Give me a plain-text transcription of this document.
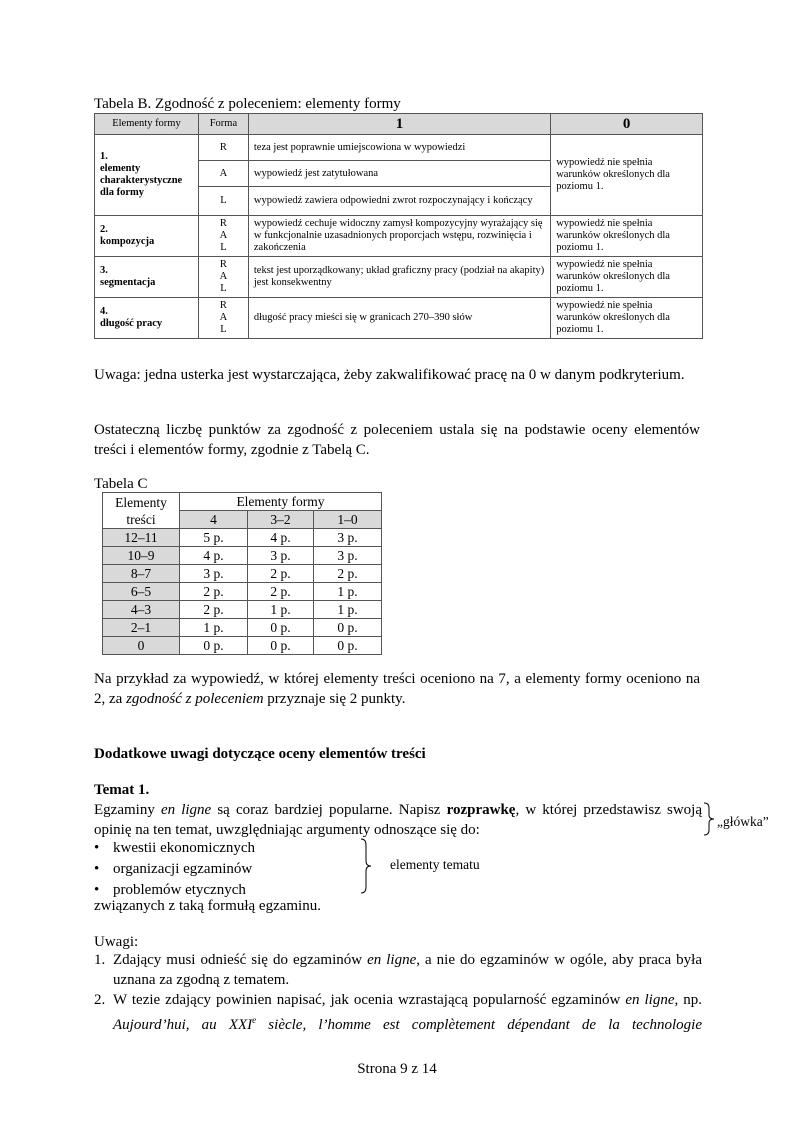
Tabela B. Zgodność z poleceniem: elementy formy
Elementy formy	Forma	1	0
1.
elementy
charakterystyczne
dla formy	R	teza jest poprawnie umiejscowiona w wypowiedzi	wypowiedź nie spełnia warunków określonych dla poziomu 1.
	A	wypowiedź jest zatytułowana	
	L	wypowiedź zawiera odpowiedni zwrot rozpoczynający i kończący	
2.
kompozycja	R
A
L	wypowiedź cechuje widoczny zamysł kompozycyjny wyrażający się w funkcjonalnie uzasadnionych proporcjach wstępu, rozwinięcia i zakończenia	wypowiedź nie spełnia warunków określonych dla poziomu 1.
3.
segmentacja	R
A
L	tekst jest uporządkowany; układ graficzny pracy (podział na akapity) jest konsekwentny	wypowiedź nie spełnia warunków określonych dla poziomu 1.
4.
długość pracy	R
A
L	długość pracy mieści się w granicach 270–390 słów	wypowiedź nie spełnia warunków określonych dla poziomu 1.
Uwaga: jedna usterka jest wystarczająca, żeby zakwalifikować pracę na 0 w danym podkryterium.
Ostateczną liczbę punktów za zgodność z poleceniem ustala się na podstawie oceny elementów treści i elementów formy, zgodnie z Tabelą C.
Tabela C
Elementy
treści	Elementy formy		
	4	3–2	1–0
12–11	5 p.	4 p.	3 p.
10–9	4 p.	3 p.	3 p.
8–7	3 p.	2 p.	2 p.
6–5	2 p.	2 p.	1 p.
4–3	2 p.	1 p.	1 p.
2–1	1 p.	0 p.	0 p.
0	0 p.	0 p.	0 p.
Na przykład za wypowiedź, w której elementy treści oceniono na 7, a elementy formy oceniono na 2, za zgodność z poleceniem przyznaje się 2 punkty.
Dodatkowe uwagi dotyczące oceny elementów treści
Temat 1.
Egzaminy en ligne są coraz bardziej popularne. Napisz rozprawkę, w której przedstawisz swoją opinię na ten temat, uwzględniając argumenty odnoszące się do:
„główka”
• kwestii ekonomicznych
• organizacji egzaminów
• problemów etycznych
elementy tematu
związanych z taką formułą egzaminu.
Uwagi:
1. Zdający musi odnieść się do egzaminów en ligne, a nie do egzaminów w ogóle, aby praca była uznana za zgodną z tematem.
2. W tezie zdający powinien napisać, jak ocenia wzrastającą popularność egzaminów en ligne, np. Aujourd’hui, au XXIe siècle, l’homme est complètement dépendant de la technologie
Strona 9 z 14
